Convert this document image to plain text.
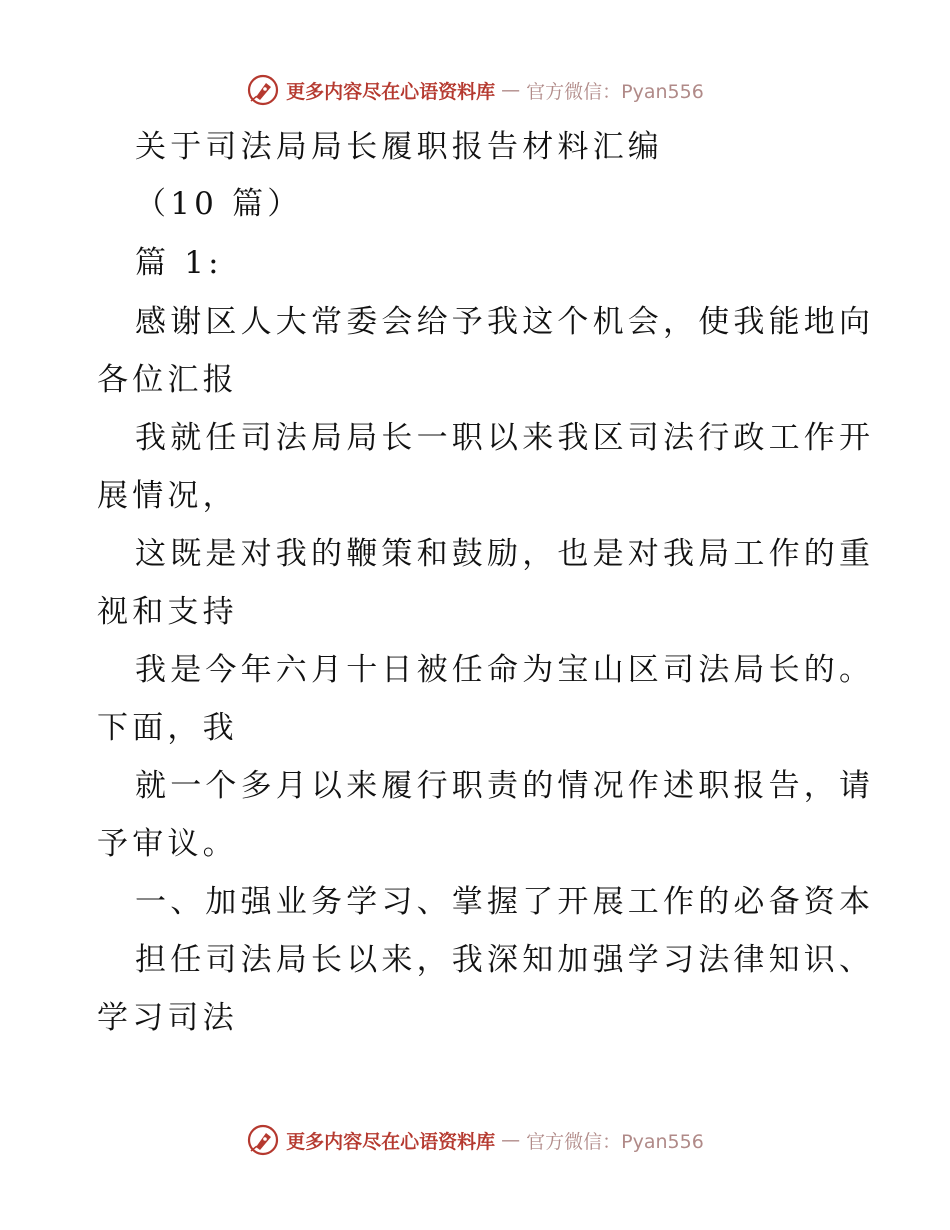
更多内容尽在心语资料库 — 官方微信：Pyan556
关于司法局局长履职报告材料汇编
（10 篇）
篇 1:
感谢区人大常委会给予我这个机会，使我能地向
各位汇报
我就任司法局局长一职以来我区司法行政工作开
展情况，
这既是对我的鞭策和鼓励，也是对我局工作的重
视和支持
我是今年六月十日被任命为宝山区司法局长的。
下面，我
就一个多月以来履行职责的情况作述职报告，请
予审议。
一、加强业务学习、掌握了开展工作的必备资本
担任司法局长以来，我深知加强学习法律知识、
学习司法
更多内容尽在心语资料库 — 官方微信：Pyan556
